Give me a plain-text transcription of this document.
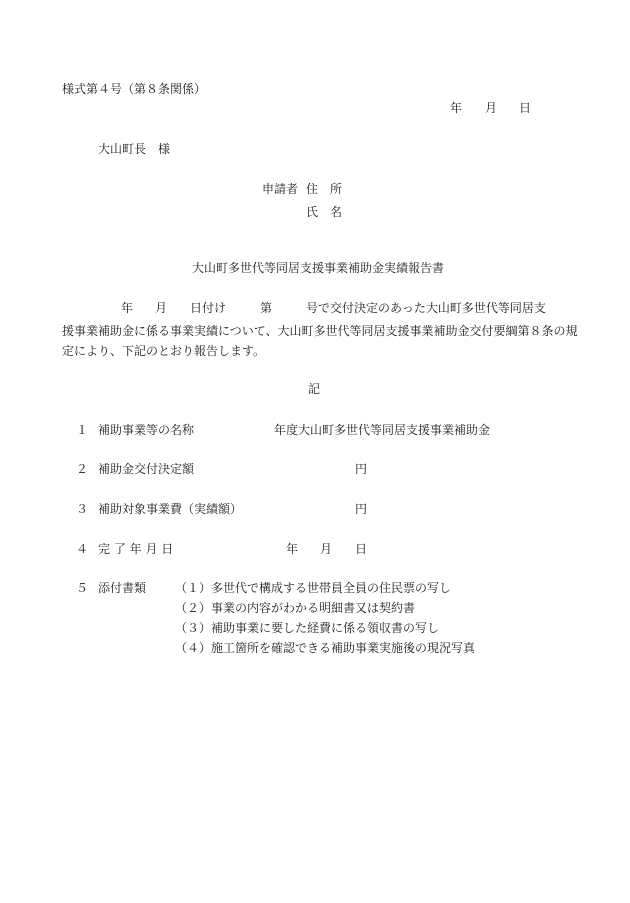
様式第４号（第８条関係）
年 月 日
大山町長　様
申請者 住　所
氏　名
大山町多世代等同居支援事業補助金実績報告書
年 月 日付け	第	号で交付決定のあった大山町多世代等同居支
援事業補助金に係る事業実績について、大山町多世代等同居支援事業補助金交付要綱第８条の規
定により、下記のとおり報告します。
記
１ 補助事業等の名称	年度大山町多世代等同居支援事業補助金
２ 補助金交付決定額	円
３ 補助対象事業費（実績額）	円
４ 完 了 年 月 日	年 月 日
５ 添付書類 （１）多世代で構成する世帯員全員の住民票の写し
（２）事業の内容がわかる明細書又は契約書
（３）補助事業に要した経費に係る領収書の写し
（４）施工箇所を確認できる補助事業実施後の現況写真
